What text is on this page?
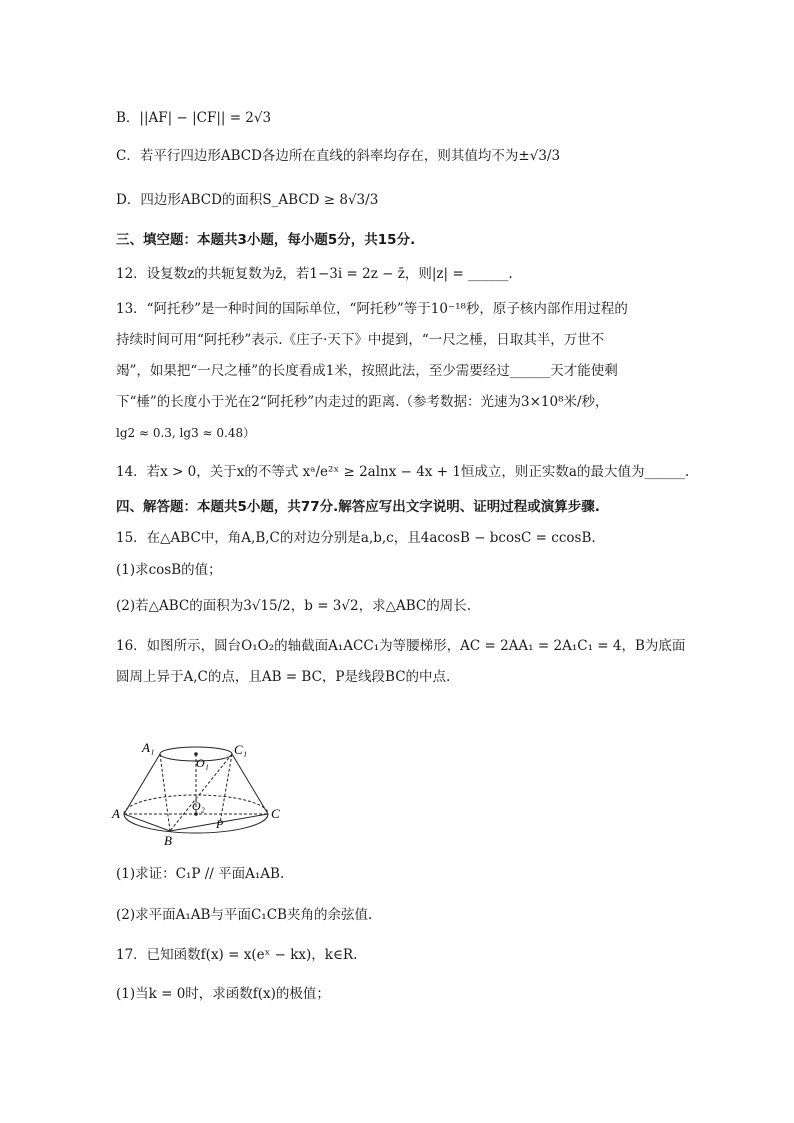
B．||AF| − |CF|| = 2√3
C．若平行四边形ABCD各边所在直线的斜率均存在，则其值均不为±√3/3
D．四边形ABCD的面积S_ABCD ≥ 8√3/3
三、填空题：本题共3小题，每小题5分，共15分.
12．设复数z的共轭复数为z̄，若1−3i = 2z − z̄，则|z| = ______.
13．“阿托秒”是一种时间的国际单位，“阿托秒”等于10⁻¹⁸秒，原子核内部作用过程的
持续时间可用“阿托秒”表示.《庄子·天下》中提到，“一尺之棰，日取其半，万世不
竭”，如果把“一尺之棰”的长度看成1米，按照此法，至少需要经过______天才能使剩
下“棰”的长度小于光在2“阿托秒”内走过的距离.（参考数据：光速为3×10⁸米/秒，
lg2 ≈ 0.3, lg3 ≈ 0.48）
14．若x > 0，关于x的不等式 xᵃ/e²ˣ ≥ 2alnx − 4x + 1恒成立，则正实数a的最大值为______.
四、解答题：本题共5小题，共77分.解答应写出文字说明、证明过程或演算步骤.
15．在△ABC中，角A,B,C的对边分别是a,b,c，且4acosB − bcosC = ccosB.
(1)求cosB的值；
(2)若△ABC的面积为3√15/2，b = 3√2，求△ABC的周长.
16．如图所示，圆台O₁O₂的轴截面A₁ACC₁为等腰梯形，AC = 2AA₁ = 2A₁C₁ = 4，B为底面
圆周上异于A,C的点，且AB = BC，P是线段BC的中点.
A₁	C₁
O₁
O₂
A	C
B
P
(1)求证：C₁P // 平面A₁AB.
(2)求平面A₁AB与平面C₁CB夹角的余弦值.
17．已知函数f(x) = x(eˣ − kx)，k∈R.
(1)当k = 0时，求函数f(x)的极值；
